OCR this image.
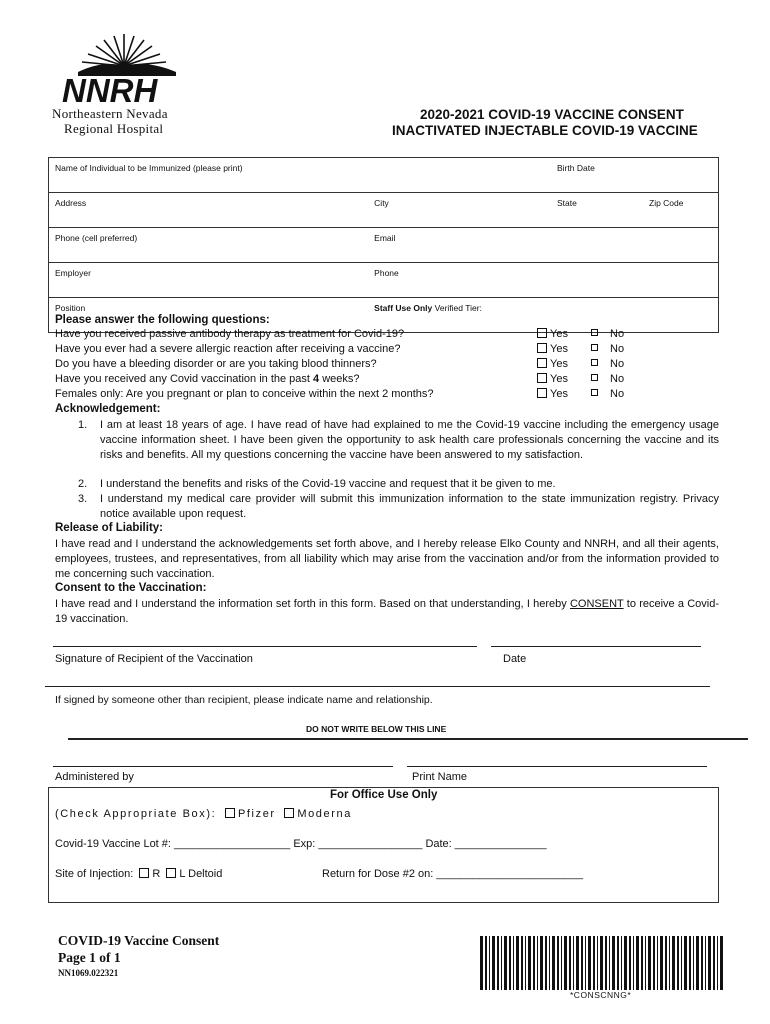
NNRH
Northeastern Nevada
Regional Hospital
2020-2021 COVID-19 VACCINE CONSENT
INACTIVATED INJECTABLE COVID-19 VACCINE
Name of Individual to be Immunized (please print)		Birth Date	
Address	City	State	Zip Code
Phone (cell preferred)	Email		
Employer	Phone		
Position	Staff Use Only Verified Tier:		
Please answer the following questions:
Have you received passive antibody therapy as treatment for Covid-19?	Yes	No
Have you ever had a severe allergic reaction after receiving a vaccine?	Yes	No
Do you have a bleeding disorder or are you taking blood thinners?	Yes	No
Have you received any Covid vaccination in the past 4 weeks?	Yes	No
Females only: Are you pregnant or plan to conceive within the next 2 months?	Yes	No
Acknowledgement:
1. I am at least 18 years of age. I have read of have had explained to me the Covid-19 vaccine including the emergency usage vaccine information sheet. I have been given the opportunity to ask health care professionals concerning the vaccine and its risks and benefits. All my questions concerning the vaccine have been answered to my satisfaction.
2. I understand the benefits and risks of the Covid-19 vaccine and request that it be given to me.
3. I understand my medical care provider will submit this immunization information to the state immunization registry. Privacy notice available upon request.
Release of Liability:
I have read and I understand the acknowledgements set forth above, and I hereby release Elko County and NNRH, and all their agents, employees, trustees, and representatives, from all liability which may arise from the vaccination and/or from the information provided to me concerning such vaccination.
Consent to the Vaccination:
I have read and I understand the information set forth in this form. Based on that understanding, I hereby CONSENT to receive a Covid-19 vaccination.
Signature of Recipient of the Vaccination	Date
If signed by someone other than recipient, please indicate name and relationship.
DO NOT WRITE BELOW THIS LINE
Administered by	Print Name
For Office Use Only
(Check Appropriate Box): Pfizer Moderna
Covid-19 Vaccine Lot #: ___________________ Exp: _________________ Date: _______________
Site of Injection: R L Deltoid	Return for Dose #2 on: ________________________
COVID-19 Vaccine Consent
Page 1 of 1
NN1069.022321
*CONSCNNG*
